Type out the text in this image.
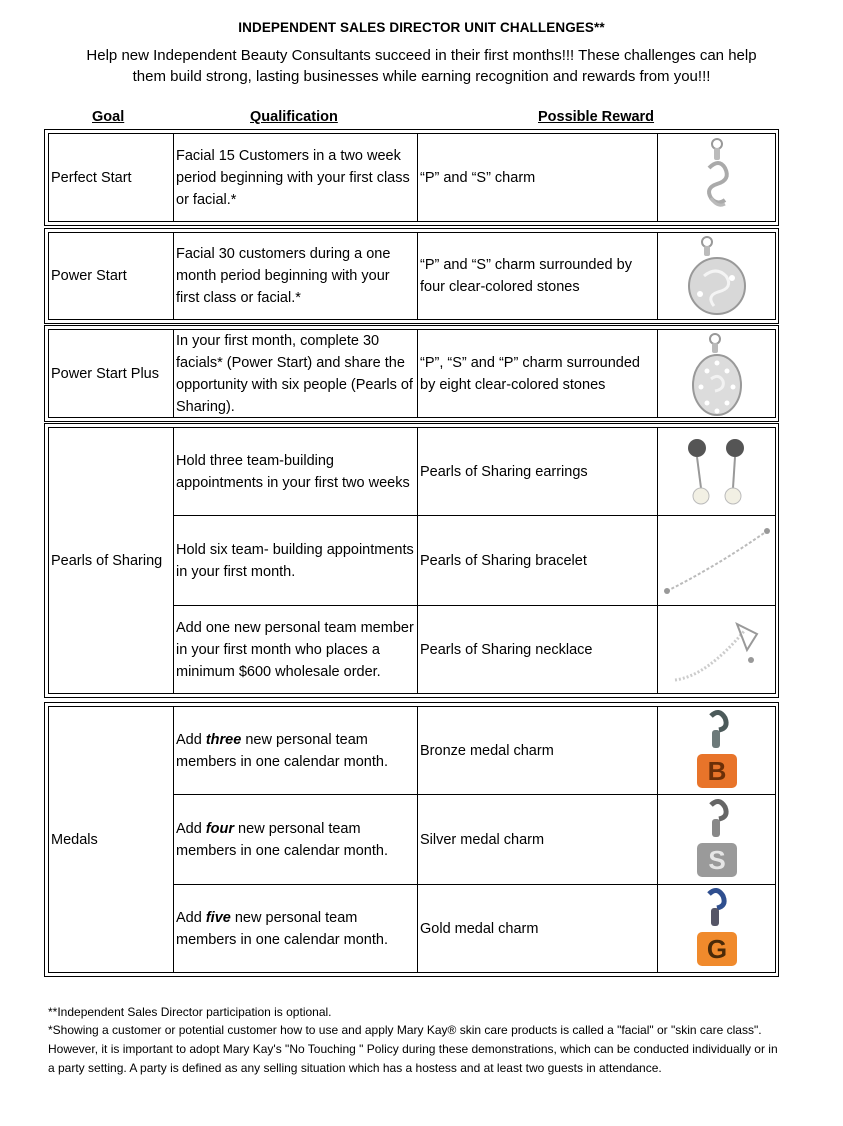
INDEPENDENT SALES DIRECTOR UNIT CHALLENGES**
Help new Independent Beauty Consultants succeed in their first months!!! These challenges can help
them build strong, lasting businesses while earning recognition and rewards from you!!!
Goal	Qualification	Possible Reward
Perfect Start
Facial 15 Customers in a two week period beginning with your first class or facial.*
“P” and “S” charm
Power Start
Facial 30 customers during a one month period beginning with your first class or facial.*
“P” and “S” charm surrounded by four clear-colored stones
Power Start Plus
In your first month, complete 30 facials* (Power Start) and share the opportunity with six people (Pearls of Sharing).
“P”, “S” and “P” charm surrounded by eight clear-colored stones
Pearls of Sharing
Hold three team-building appointments in your first two weeks
Pearls of Sharing earrings
Hold six team- building appointments in your first month.
Pearls of Sharing bracelet
Add one new personal team member in your first month who places a minimum $600 wholesale order.
Pearls of Sharing necklace
Medals
Add three new personal team members in one calendar month.
Bronze medal charm
B
Add four new personal team members in one calendar month.
Silver medal charm
S
Add five new personal team members in one calendar month.
Gold medal charm
G
**Independent Sales Director participation is optional.
*Showing a customer or potential customer how to use and apply Mary Kay® skin care products is called a "facial" or "skin care class". However, it is important to adopt Mary Kay's "No Touching " Policy during these demonstrations, which can be conducted individually or in a party setting. A party is defined as any selling situation which has a hostess and at least two guests in attendance.
